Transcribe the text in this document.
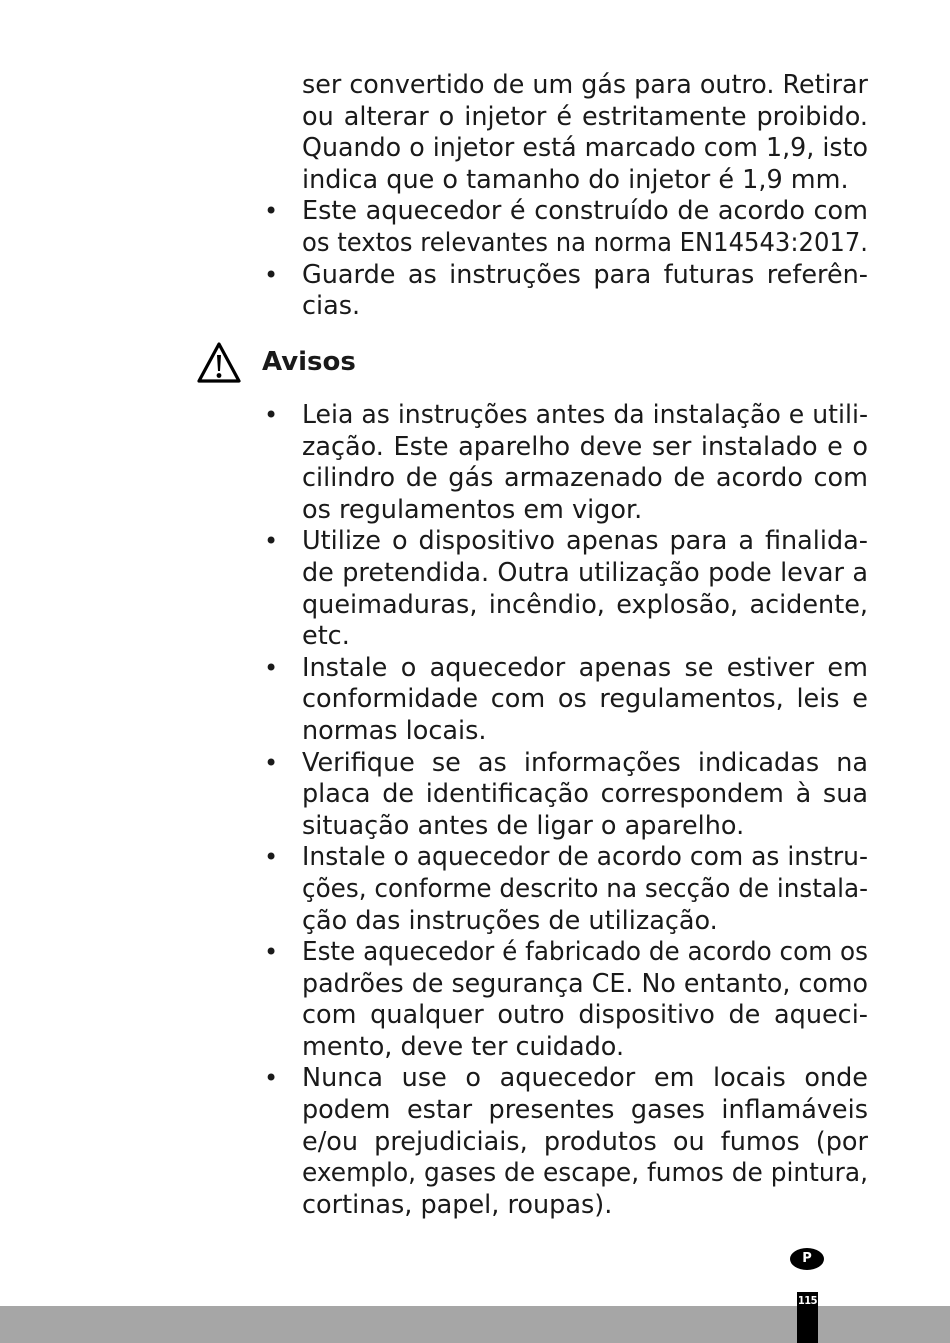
ser convertido de um gás para outro. Retirar
ou alterar o injetor é estritamente proibido.
Quando o injetor está marcado com 1,9, isto
indica que o tamanho do injetor é 1,9 mm.
• Este aquecedor é construído de acordo com
os textos relevantes na norma EN14543:2017.
• Guarde as instruções para futuras referên-
cias.
Avisos
• Leia as instruções antes da instalação e utili-
zação. Este aparelho deve ser instalado e o
cilindro de gás armazenado de acordo com
os regulamentos em vigor.
• Utilize o dispositivo apenas para a finalida-
de pretendida. Outra utilização pode levar a
queimaduras, incêndio, explosão, acidente,
etc.
• Instale o aquecedor apenas se estiver em
conformidade com os regulamentos, leis e
normas locais.
• Verifique se as informações indicadas na
placa de identificação correspondem à sua
situação antes de ligar o aparelho.
• Instale o aquecedor de acordo com as instru-
ções, conforme descrito na secção de instala-
ção das instruções de utilização.
• Este aquecedor é fabricado de acordo com os
padrões de segurança CE. No entanto, como
com qualquer outro dispositivo de aqueci-
mento, deve ter cuidado.
• Nunca use o aquecedor em locais onde
podem estar presentes gases inflamáveis
e/ou prejudiciais, produtos ou fumos (por
exemplo, gases de escape, fumos de pintura,
cortinas, papel, roupas).
P
115
